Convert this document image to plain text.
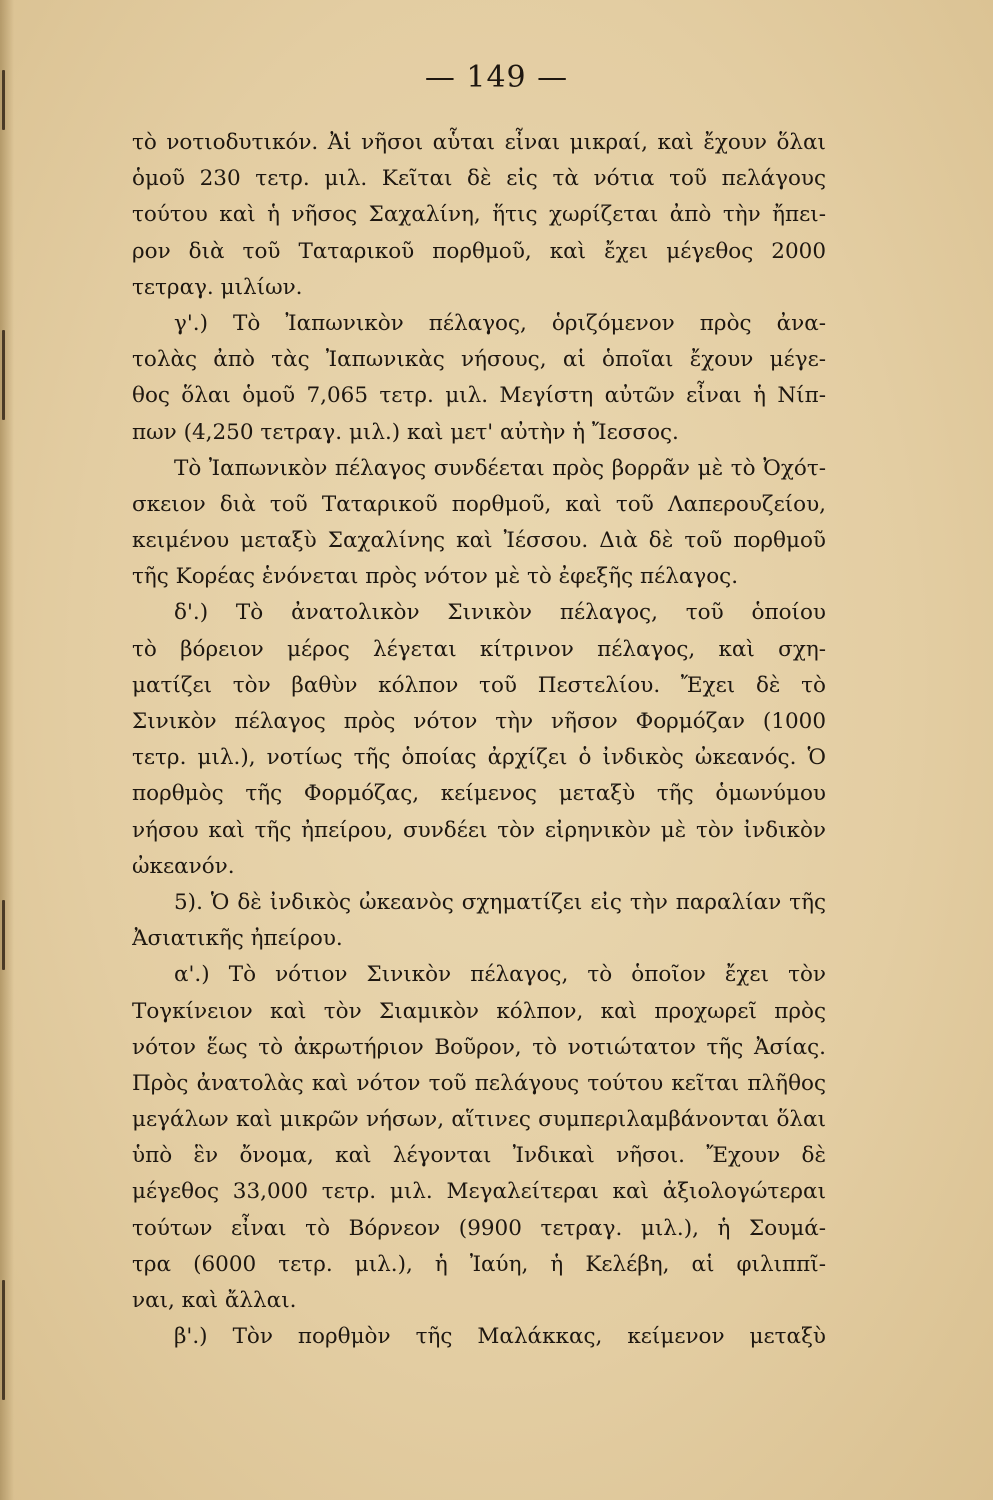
— 149 —
τὸ νοτιοδυτικόν. Ἀἱ νῆσοι αὗται εἶναι μικραί, καὶ ἔχουν ὅλαι
ὁμοῦ 230 τετρ. μιλ. Κεῖται δὲ εἰς τὰ νότια τοῦ πελάγους
τούτου καὶ ἡ νῆσος Σαχαλίνη, ἥτις χωρίζεται ἀπὸ τὴν ἤπει-
ρον διὰ τοῦ Ταταρικοῦ πορθμοῦ, καὶ ἔχει μέγεθος 2000
τετραγ. μιλίων.
γ'.) Τὸ Ἰαπωνικὸν πέλαγος, ὁριζόμενον πρὸς ἀνα-
τολὰς ἀπὸ τὰς Ἰαπωνικὰς νήσους, αἱ ὁποῖαι ἔχουν μέγε-
θος ὅλαι ὁμοῦ 7,065 τετρ. μιλ. Μεγίστη αὐτῶν εἶναι ἡ Νίπ-
πων (4,250 τετραγ. μιλ.) καὶ μετ' αὐτὴν ἡ Ἴεσσος.
Τὸ Ἰαπωνικὸν πέλαγος συνδέεται πρὸς βορρᾶν μὲ τὸ Ὀχότ-
σκειον διὰ τοῦ Ταταρικοῦ πορθμοῦ, καὶ τοῦ Λαπερουζείου,
κειμένου μεταξὺ Σαχαλίνης καὶ Ἰέσσου. Διὰ δὲ τοῦ πορθμοῦ
τῆς Κορέας ἑνόνεται πρὸς νότον μὲ τὸ ἐφεξῆς πέλαγος.
δ'.) Τὸ ἀνατολικὸν Σινικὸν πέλαγος, τοῦ ὁποίου
τὸ βόρειον μέρος λέγεται κίτρινον πέλαγος, καὶ σχη-
ματίζει τὸν βαθὺν κόλπον τοῦ Πεστελίου. Ἔχει δὲ τὸ
Σινικὸν πέλαγος πρὸς νότον τὴν νῆσον Φορμόζαν (1000
τετρ. μιλ.), νοτίως τῆς ὁποίας ἀρχίζει ὁ ἰνδικὸς ὠκεανός. Ὁ
πορθμὸς τῆς Φορμόζας, κείμενος μεταξὺ τῆς ὁμωνύμου
νήσου καὶ τῆς ἠπείρου, συνδέει τὸν εἰρηνικὸν μὲ τὸν ἰνδικὸν
ὠκεανόν.
5). Ὁ δὲ ἰνδικὸς ὠκεανὸς σχηματίζει εἰς τὴν παραλίαν τῆς
Ἀσιατικῆς ἠπείρου.
α'.) Τὸ νότιον Σινικὸν πέλαγος, τὸ ὁποῖον ἔχει τὸν
Τογκίνειον καὶ τὸν Σιαμικὸν κόλπον, καὶ προχωρεῖ πρὸς
νότον ἕως τὸ ἀκρωτήριον Βοῦρον, τὸ νοτιώτατον τῆς Ἀσίας.
Πρὸς ἀνατολὰς καὶ νότον τοῦ πελάγους τούτου κεῖται πλῆθος
μεγάλων καὶ μικρῶν νήσων, αἵτινες συμπεριλαμβάνονται ὅλαι
ὑπὸ ἓν ὄνομα, καὶ λέγονται Ἰνδικαὶ νῆσοι. Ἔχουν δὲ
μέγεθος 33,000 τετρ. μιλ. Μεγαλείτεραι καὶ ἀξιολογώτεραι
τούτων εἶναι τὸ Βόρνεον (9900 τετραγ. μιλ.), ἡ Σουμά-
τρα (6000 τετρ. μιλ.), ἡ Ἰαύη, ἡ Κελέβη, αἱ φιλιππῖ-
ναι, καὶ ἄλλαι.
β'.) Τὸν πορθμὸν τῆς Μαλάκκας, κείμενον μεταξὺ
